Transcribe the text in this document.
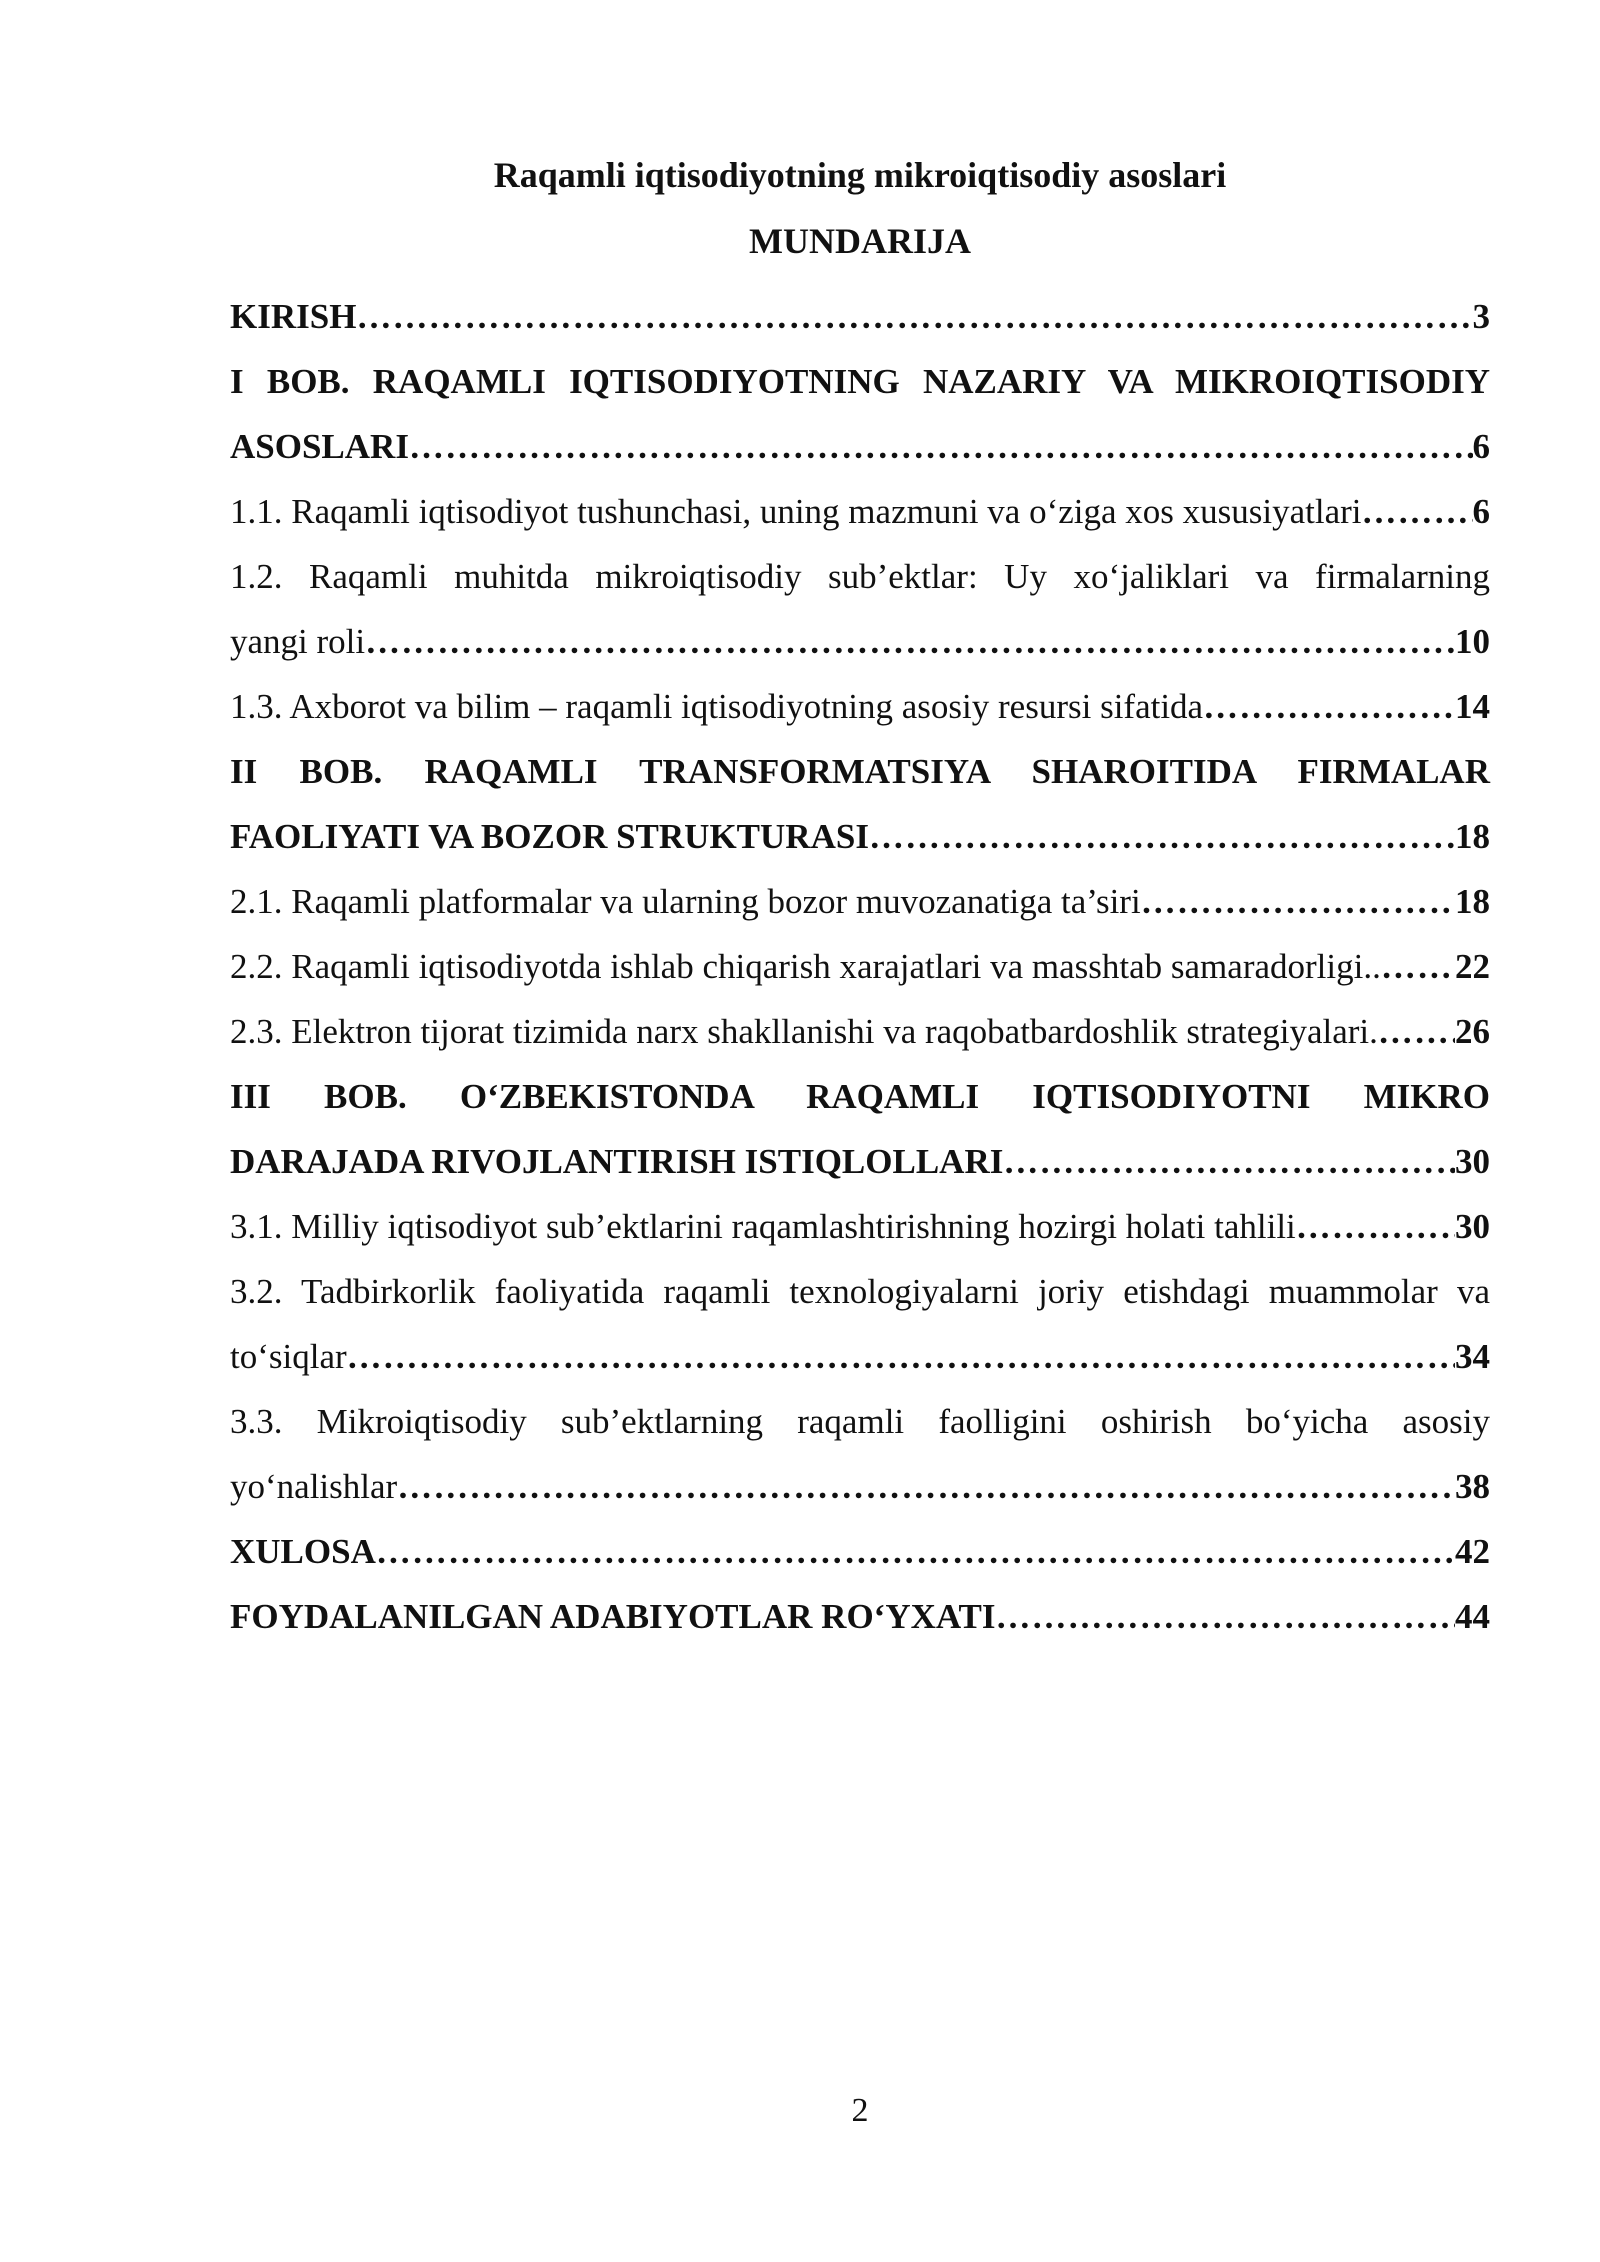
Raqamli iqtisodiyotning mikroiqtisodiy asoslari
MUNDARIJA
KIRISH ………………………………………………………………………………………………………………………………………………	3
I BOB. RAQAMLI IQTISODIYOTNING NAZARIY VA MIKROIQTISODIY
ASOSLARI ………………………………………………………………………………………………………………………………………………	6
1.1. Raqamli iqtisodiyot tushunchasi, uning mazmuni va o‘ziga xos xususiyatlari ………………………………………………………………………………………………………………………………………………	6
1.2. Raqamli muhitda mikroiqtisodiy sub’ektlar: Uy xo‘jaliklari va firmalarning
yangi roli ………………………………………………………………………………………………………………………………………………	10
1.3. Axborot va bilim – raqamli iqtisodiyotning asosiy resursi sifatida ………………………………………………………………………………………………………………………………………………	14
II BOB. RAQAMLI TRANSFORMATSIYA SHAROITIDA FIRMALAR
FAOLIYATI VA BOZOR STRUKTURASI ………………………………………………………………………………………………………………………………………………	18
2.1. Raqamli platformalar va ularning bozor muvozanatiga ta’siri ………………………………………………………………………………………………………………………………………………	18
2.2. Raqamli iqtisodiyotda ishlab chiqarish xarajatlari va masshtab samaradorligi.. ……………………………………………………………………………………………………………………………………………… 22
2.3. Elektron tijorat tizimida narx shakllanishi va raqobatbardoshlik strategiyalari. ……………………………………………………………………………………………………………………………………………… 26
III BOB. O‘ZBEKISTONDA RAQAMLI IQTISODIYOTNI MIKRO
DARAJADA RIVOJLANTIRISH ISTIQLOLLARI ………………………………………………………………………………………………………………………………………………	30
3.1. Milliy iqtisodiyot sub’ektlarini raqamlashtirishning hozirgi holati tahlili ………………………………………………………………………………………………………………………………………………	30
3.2. Tadbirkorlik faoliyatida raqamli texnologiyalarni joriy etishdagi muammolar va
to‘siqlar ………………………………………………………………………………………………………………………………………………	34
3.3. Mikroiqtisodiy sub’ektlarning raqamli faolligini oshirish bo‘yicha asosiy
yo‘nalishlar ………………………………………………………………………………………………………………………………………………	38
XULOSA ………………………………………………………………………………………………………………………………………………	42
FOYDALANILGAN ADABIYOTLAR RO‘YXATI ………………………………………………………………………………………………………………………………………………	44
2
